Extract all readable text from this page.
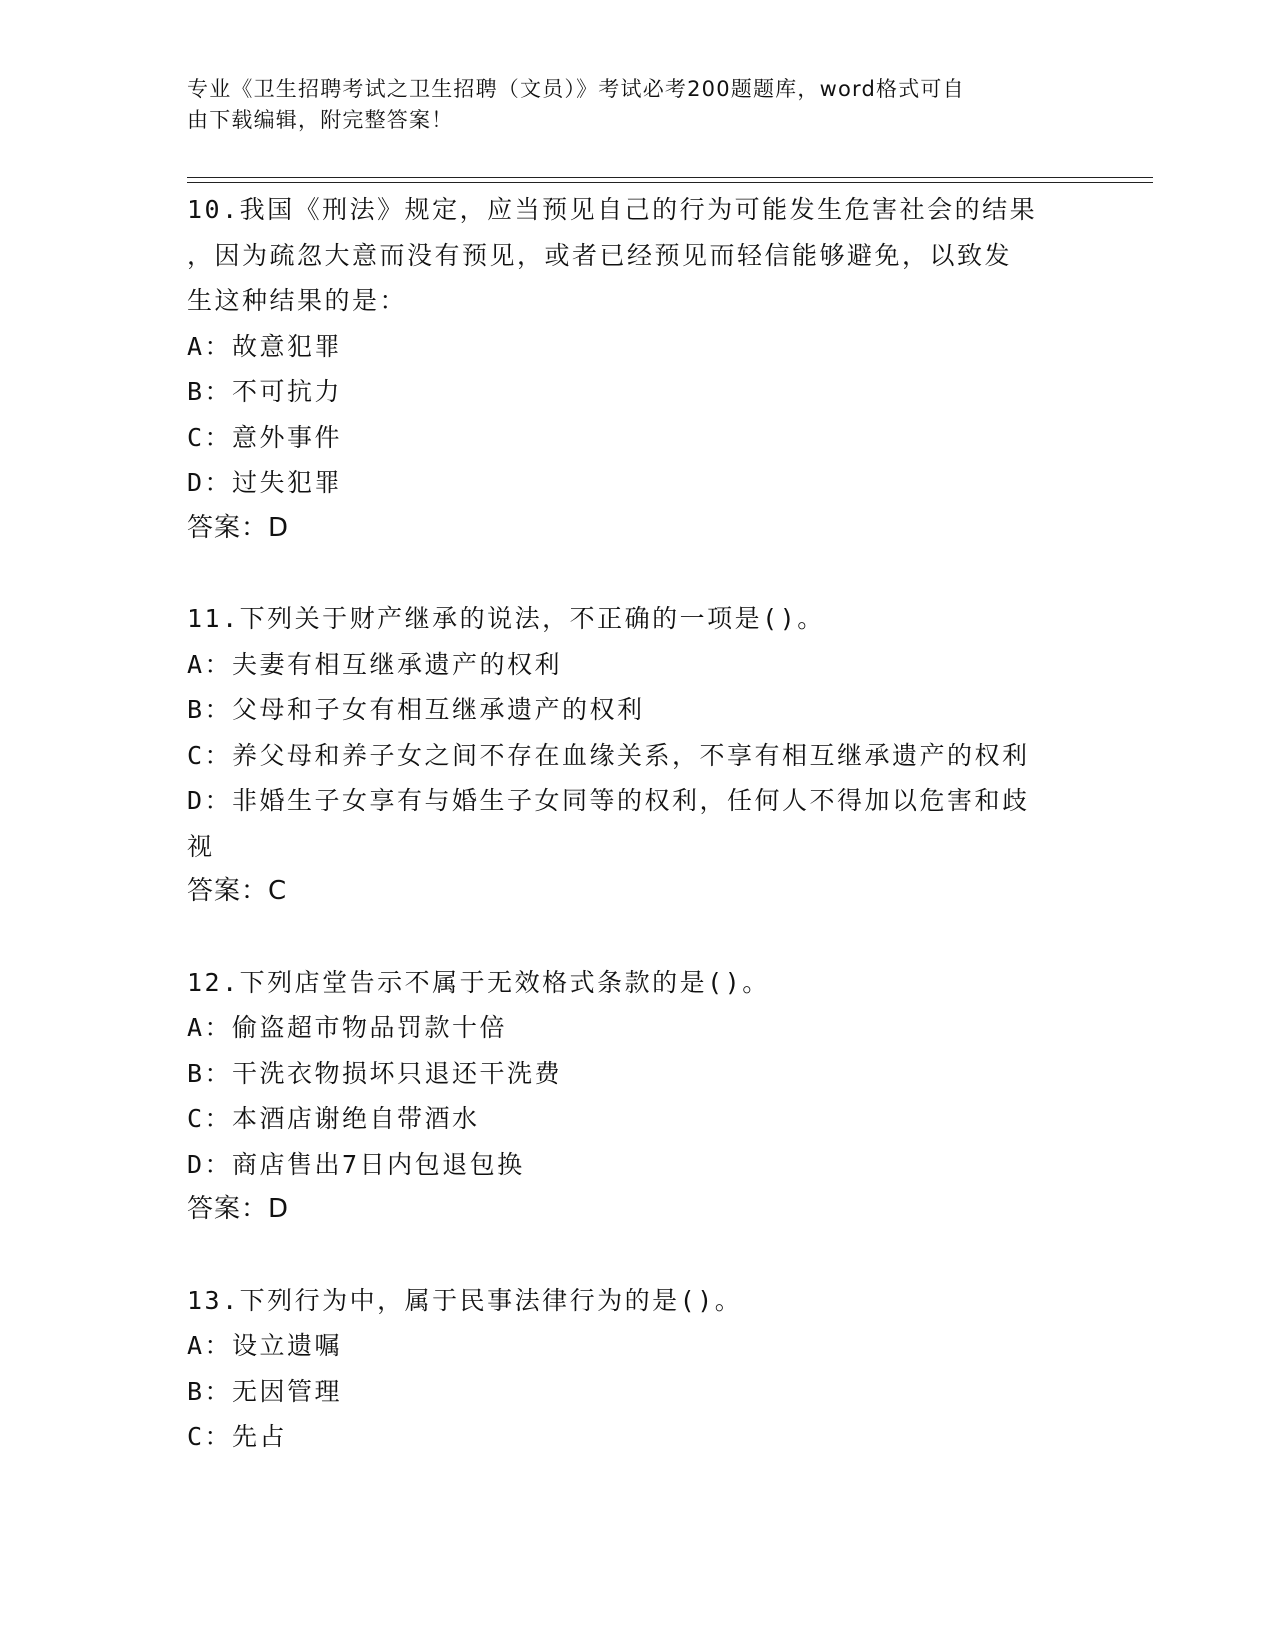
专业《卫生招聘考试之卫生招聘（文员）》考试必考200题题库，word格式可自
由下载编辑，附完整答案！

10.我国《刑法》规定，应当预见自己的行为可能发生危害社会的结果

，因为疏忽大意而没有预见，或者已经预见而轻信能够避免，以致发

生这种结果的是：

A：故意犯罪

B：不可抗力

C：意外事件

D：过失犯罪

答案：D

11.下列关于财产继承的说法，不正确的一项是()。

A：夫妻有相互继承遗产的权利

B：父母和子女有相互继承遗产的权利

C：养父母和养子女之间不存在血缘关系，不享有相互继承遗产的权利

D：非婚生子女享有与婚生子女同等的权利，任何人不得加以危害和歧

视

答案：C

12.下列店堂告示不属于无效格式条款的是()。

A：偷盗超市物品罚款十倍

B：干洗衣物损坏只退还干洗费

C：本酒店谢绝自带酒水

D：商店售出7日内包退包换

答案：D

13.下列行为中，属于民事法律行为的是()。

A：设立遗嘱

B：无因管理

C：先占
